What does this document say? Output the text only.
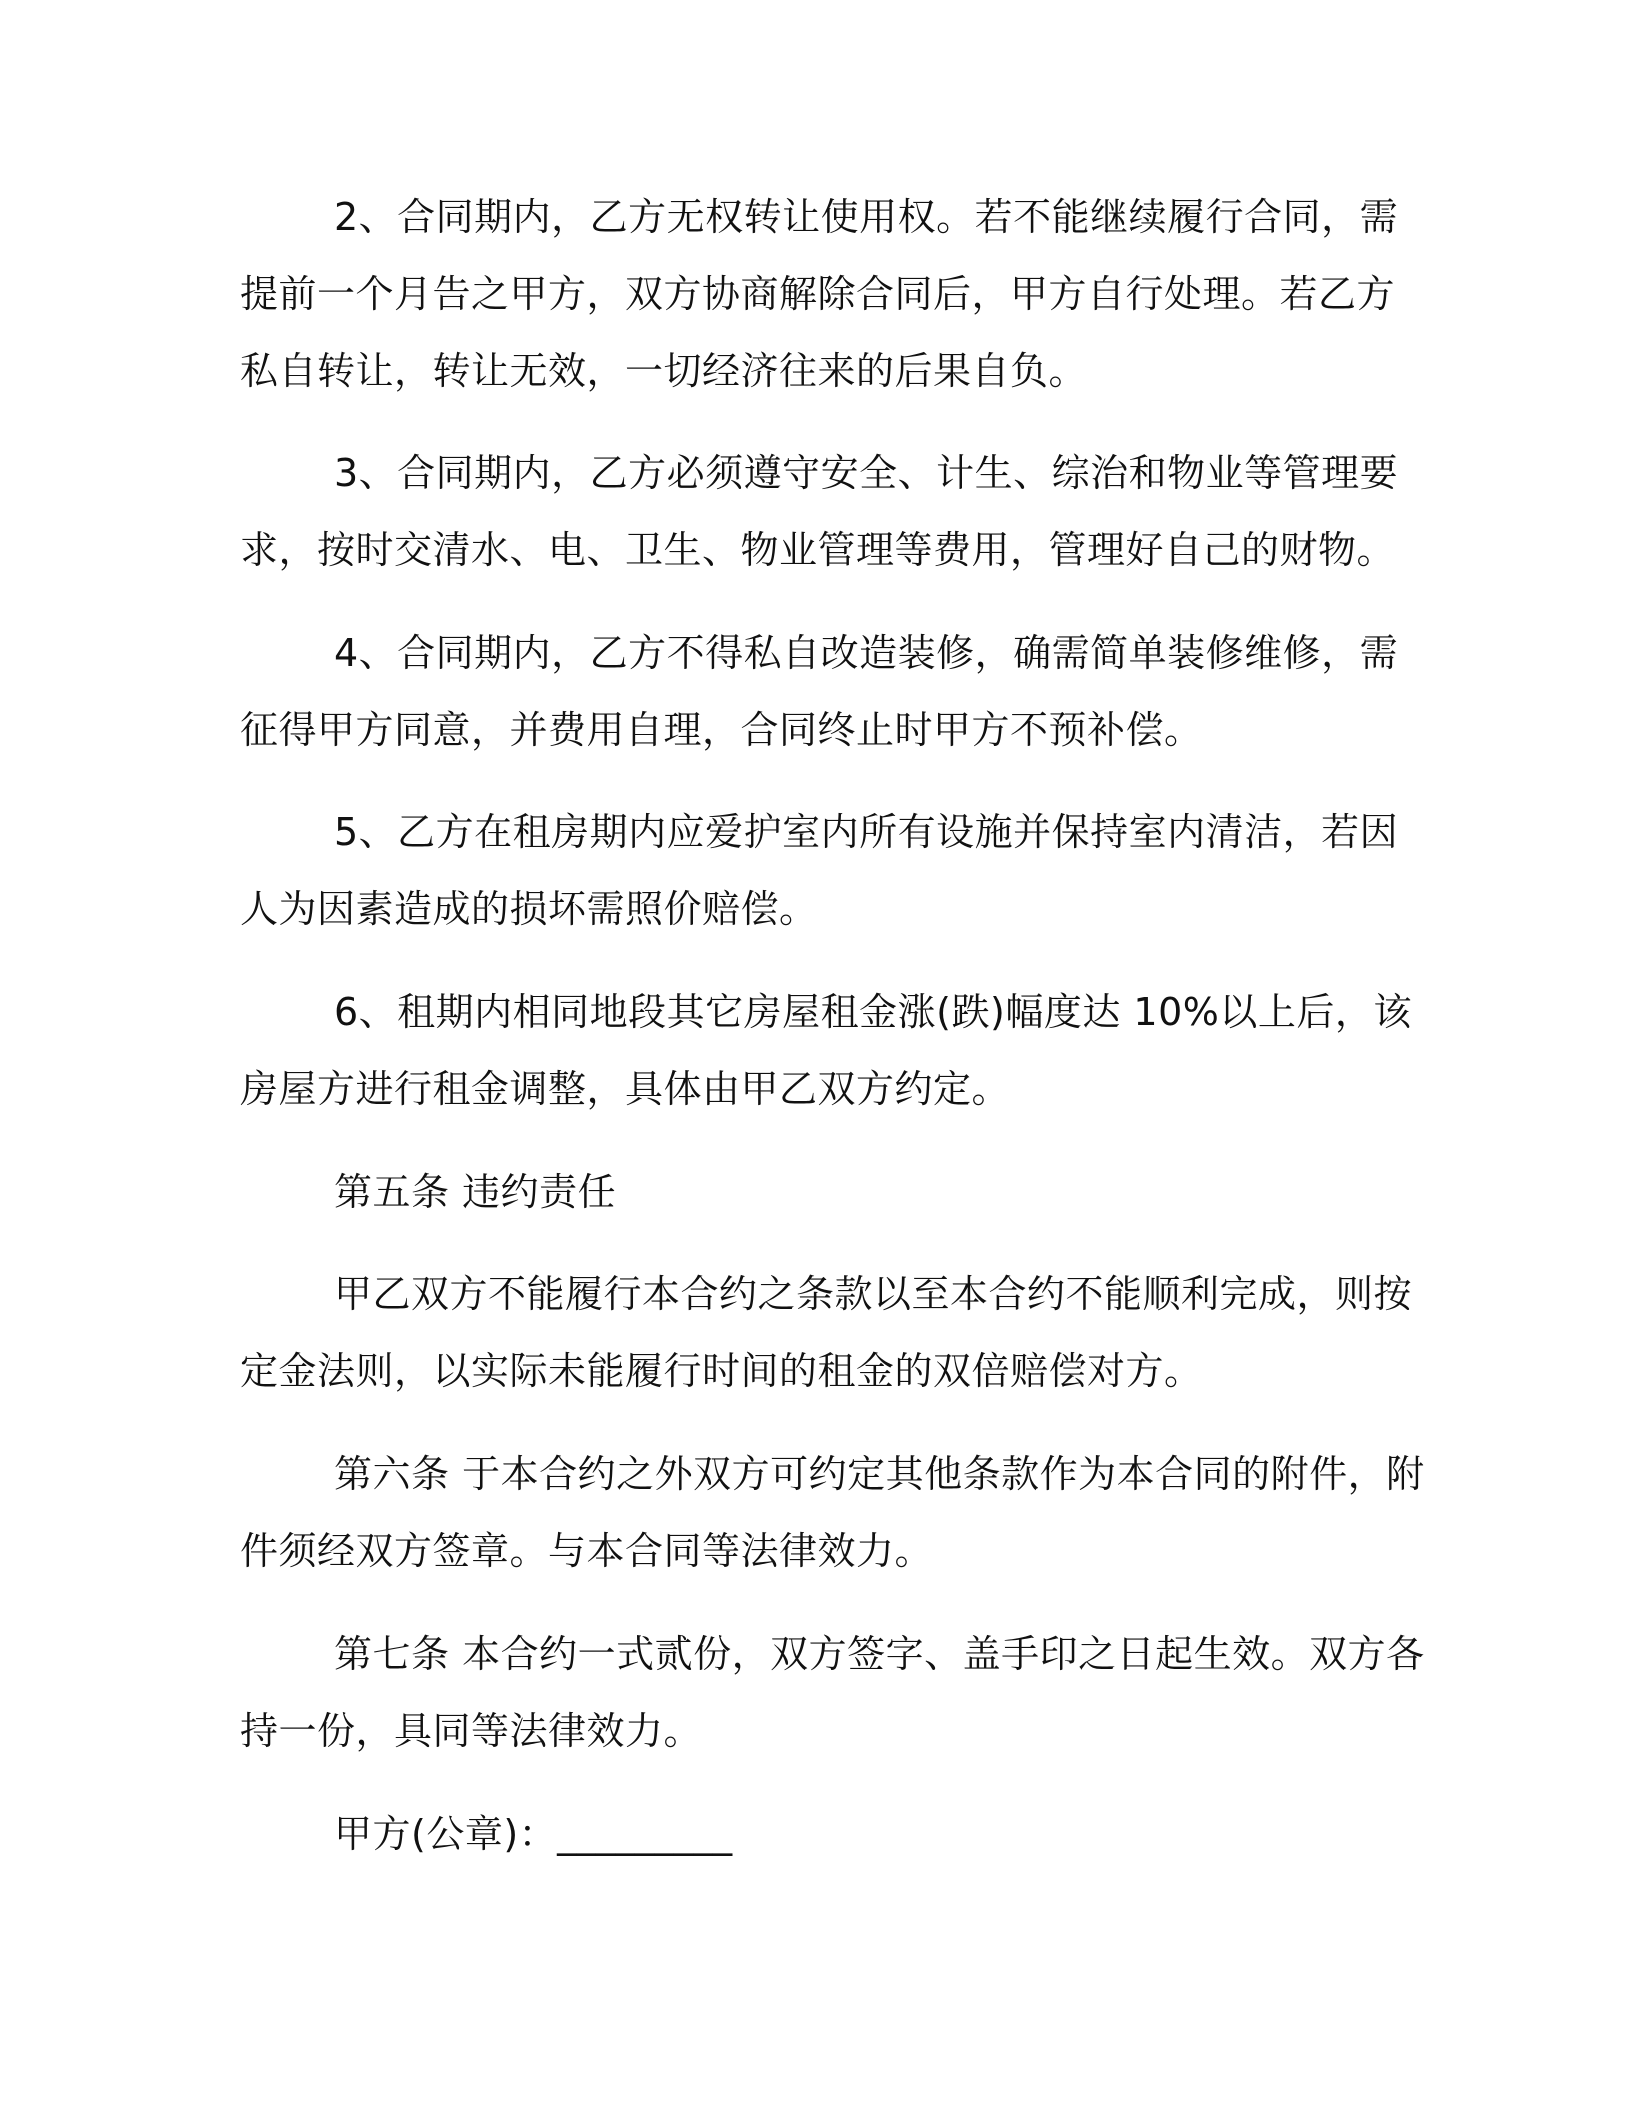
2、合同期内，乙方无权转让使用权。若不能继续履行合同，需
提前一个月告之甲方，双方协商解除合同后，甲方自行处理。若乙方
私自转让，转让无效，一切经济往来的后果自负。
3、合同期内，乙方必须遵守安全、计生、综治和物业等管理要
求，按时交清水、电、卫生、物业管理等费用，管理好自己的财物。
4、合同期内，乙方不得私自改造装修，确需简单装修维修，需
征得甲方同意，并费用自理，合同终止时甲方不预补偿。
5、乙方在租房期内应爱护室内所有设施并保持室内清洁，若因
人为因素造成的损坏需照价赔偿。
6、租期内相同地段其它房屋租金涨(跌)幅度达 10%以上后，该
房屋方进行租金调整，具体由甲乙双方约定。
第五条 违约责任
甲乙双方不能履行本合约之条款以至本合约不能顺利完成，则按
定金法则，以实际未能履行时间的租金的双倍赔偿对方。
第六条 于本合约之外双方可约定其他条款作为本合同的附件，附
件须经双方签章。与本合同等法律效力。
第七条 本合约一式贰份，双方签字、盖手印之日起生效。双方各
持一份，具同等法律效力。
甲方(公章)：_________
